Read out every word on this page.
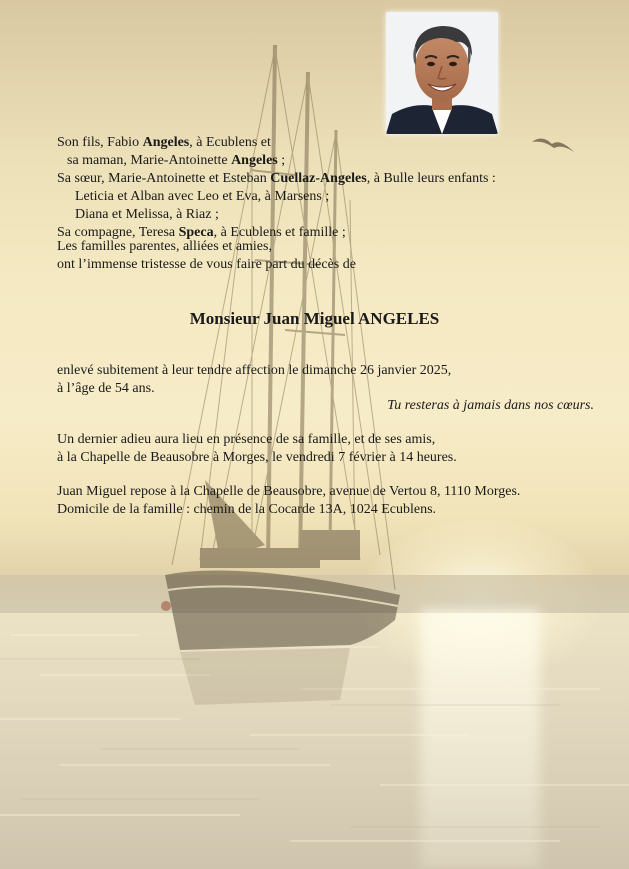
Son fils, Fabio Angeles, à Ecublens et
sa maman, Marie-Antoinette Angeles ;
Sa sœur, Marie-Antoinette et Esteban Cuellaz-Angeles, à Bulle leurs enfants :
Leticia et Alban avec Leo et Eva, à Marsens ;
Diana et Melissa, à Riaz ;
Sa compagne, Teresa Speca, à Ecublens et famille ;
Les familles parentes, alliées et amies,
ont l’immense tristesse de vous faire part du décès de
Monsieur Juan Miguel ANGELES
enlevé subitement à leur tendre affection le dimanche 26 janvier 2025,
à l’âge de 54 ans.
Tu resteras à jamais dans nos cœurs.
Un dernier adieu aura lieu en présence de sa famille, et de ses amis,
à la Chapelle de Beausobre à Morges, le vendredi 7 février à 14 heures.
Juan Miguel repose à la Chapelle de Beausobre, avenue de Vertou 8, 1110 Morges.
Domicile de la famille : chemin de la Cocarde 13A, 1024 Ecublens.
